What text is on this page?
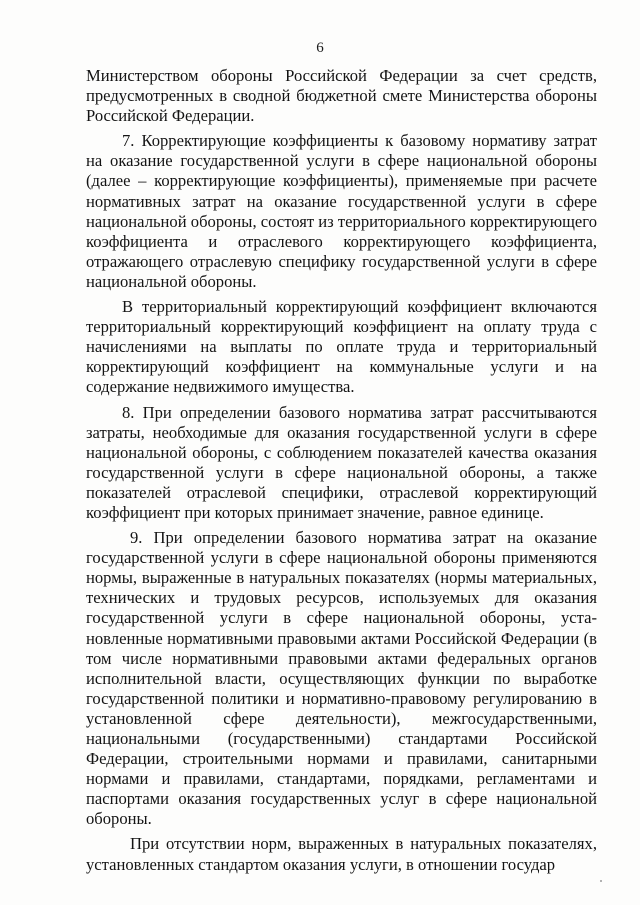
6

Министерством обороны Российской Федерации за счет средств, предусмотренных в сводной бюджетной смете Министерства обороны Российской Федерации.

7. Корректирующие коэффициенты к базовому нормативу затрат на оказание государственной услуги в сфере национальной обороны (далее – корректирующие коэффициенты), применяемые при расчете нормативных затрат на оказание государственной услуги в сфере национальной обороны, состоят из территориального корректирующего коэффициента и отраслевого корректирующего коэффициента, отражающего отраслевую специфику государственной услуги в сфере национальной обороны.

В территориальный корректирующий коэффициент включаются территориальный корректирующий коэффициент на оплату труда с начислениями на выплаты по оплате труда и территориальный корректирующий коэффициент на коммунальные услуги и на содержание недвижимого имущества.

8. При определении базового норматива затрат рассчитываются затраты, необходимые для оказания государственной услуги в сфере национальной обороны, с соблюдением показателей качества оказания государственной услуги в сфере национальной обороны, а также показателей отраслевой специфики, отраслевой корректирующий коэффициент при которых принимает значение, равное единице.

9. При определении базового норматива затрат на оказание государственной услуги в сфере национальной обороны применяются нормы, выраженные в натуральных показателях (нормы материальных, технических и трудовых ресурсов, используемых для оказания государственной услуги в сфере национальной обороны, установленные нормативными правовыми актами Российской Федерации (в том числе нормативными правовыми актами федеральных органов исполнительной власти, осуществляющих функции по выработке государственной политики и нормативно-правовому регулированию в установленной сфере деятельности), межгосударственными, национальными (государственными) стандартами Российской Федерации, строительными нормами и правилами, санитарными нормами и правилами, стандартами, порядками, регламентами и паспортами оказания государственных услуг в сфере национальной обороны.

При отсутствии норм, выраженных в натуральных показателях, установленных стандартом оказания услуги, в отношении государ
